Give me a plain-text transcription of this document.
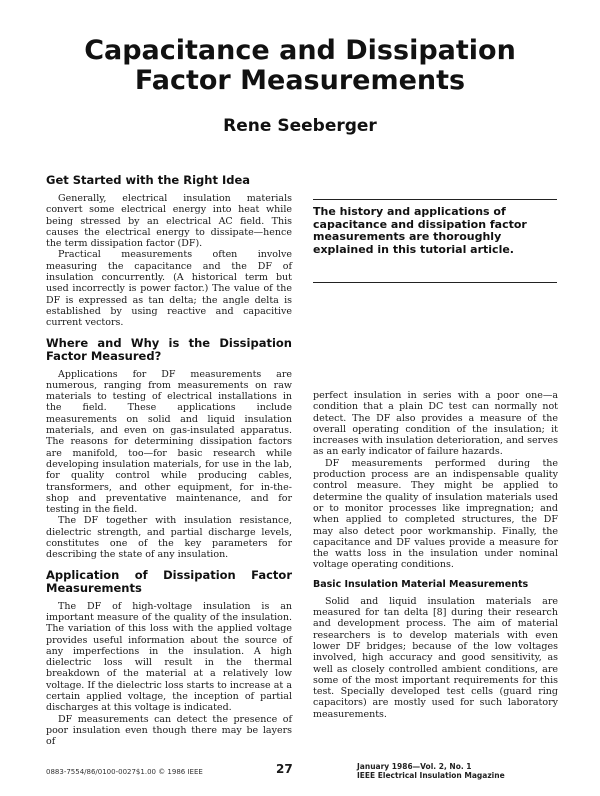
Capacitance and Dissipation
Factor Measurements
Rene Seeberger
Get Started with the Right Idea

Generally, electrical insulation materials convert some electrical energy into heat while being stressed by an electrical AC field. This causes the electrical energy to dissipate—hence the term dissipation factor (DF).

Practical measurements often involve measuring the capacitance and the DF of insulation concurrently. (A historical term but used incorrectly is power factor.) The value of the DF is expressed as tan delta; the angle delta is established by using reactive and capacitive current vectors.

Where and Why is the Dissipation Factor Measured?

Applications for DF measurements are numerous, ranging from measurements on raw materials to testing of electrical installations in the field. These applications include measurements on solid and liquid insulation materials, and even on gas-insulated apparatus. The reasons for determining dissipation factors are manifold, too—for basic research while developing insulation materials, for use in the lab, for quality control while producing cables, transformers, and other equipment, for in-the-shop and preventative maintenance, and for testing in the field.

The DF together with insulation resistance, dielectric strength, and partial discharge levels, constitutes one of the key parameters for describing the state of any insulation.

Application of Dissipation Factor Measurements

The DF of high-voltage insulation is an important measure of the quality of the insulation. The variation of this loss with the applied voltage provides useful information about the source of any imperfections in the insulation. A high dielectric loss will result in the thermal breakdown of the material at a relatively low voltage. If the dielectric loss starts to increase at a certain applied voltage, the inception of partial discharges at this voltage is indicated.

DF measurements can detect the presence of poor insulation even though there may be layers of

The history and applications of capacitance and dissipation factor measurements are thoroughly explained in this tutorial article.

perfect insulation in series with a poor one—a condition that a plain DC test can normally not detect. The DF also provides a measure of the overall operating condition of the insulation; it increases with insulation deterioration, and serves as an early indicator of failure hazards.

DF measurements performed during the production process are an indispensable quality control measure. They might be applied to determine the quality of insulation materials used or to monitor processes like impregnation; and when applied to completed structures, the DF may also detect poor workmanship. Finally, the capacitance and DF values provide a measure for the watts loss in the insulation under nominal voltage operating conditions.

Basic Insulation Material Measurements

Solid and liquid insulation materials are measured for tan delta [8] during their research and development process. The aim of material researchers is to develop materials with even lower DF bridges; because of the low voltages involved, high accuracy and good sensitivity, as well as closely controlled ambient conditions, are some of the most important requirements for this test. Specially developed test cells (guard ring capacitors) are mostly used for such laboratory measurements.

0883-7554/86/0100-0027$1.00 © 1986 IEEE	27	January 1986—Vol. 2, No. 1
IEEE Electrical Insulation Magazine
